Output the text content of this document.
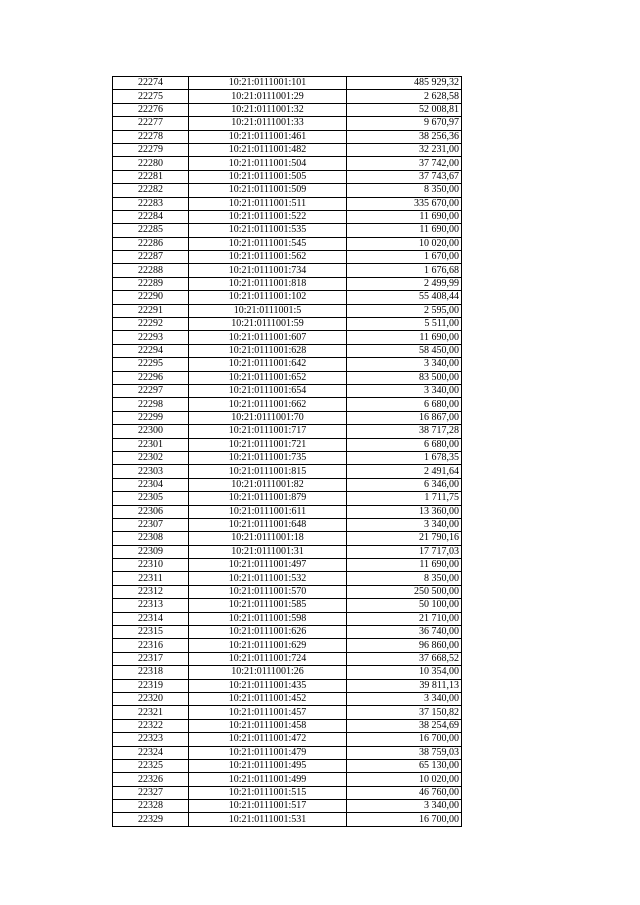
22274	10:21:0111001:101	485 929,32
22275	10:21:0111001:29	2 628,58
22276	10:21:0111001:32	52 008,81
22277	10:21:0111001:33	9 670,97
22278	10:21:0111001:461	38 256,36
22279	10:21:0111001:482	32 231,00
22280	10:21:0111001:504	37 742,00
22281	10:21:0111001:505	37 743,67
22282	10:21:0111001:509	8 350,00
22283	10:21:0111001:511	335 670,00
22284	10:21:0111001:522	11 690,00
22285	10:21:0111001:535	11 690,00
22286	10:21:0111001:545	10 020,00
22287	10:21:0111001:562	1 670,00
22288	10:21:0111001:734	1 676,68
22289	10:21:0111001:818	2 499,99
22290	10:21:0111001:102	55 408,44
22291	10:21:0111001:5	2 595,00
22292	10:21:0111001:59	5 511,00
22293	10:21:0111001:607	11 690,00
22294	10:21:0111001:628	58 450,00
22295	10:21:0111001:642	3 340,00
22296	10:21:0111001:652	83 500,00
22297	10:21:0111001:654	3 340,00
22298	10:21:0111001:662	6 680,00
22299	10:21:0111001:70	16 867,00
22300	10:21:0111001:717	38 717,28
22301	10:21:0111001:721	6 680,00
22302	10:21:0111001:735	1 678,35
22303	10:21:0111001:815	2 491,64
22304	10:21:0111001:82	6 346,00
22305	10:21:0111001:879	1 711,75
22306	10:21:0111001:611	13 360,00
22307	10:21:0111001:648	3 340,00
22308	10:21:0111001:18	21 790,16
22309	10:21:0111001:31	17 717,03
22310	10:21:0111001:497	11 690,00
22311	10:21:0111001:532	8 350,00
22312	10:21:0111001:570	250 500,00
22313	10:21:0111001:585	50 100,00
22314	10:21:0111001:598	21 710,00
22315	10:21:0111001:626	36 740,00
22316	10:21:0111001:629	96 860,00
22317	10:21:0111001:724	37 668,52
22318	10:21:0111001:26	10 354,00
22319	10:21:0111001:435	39 811,13
22320	10:21:0111001:452	3 340,00
22321	10:21:0111001:457	37 150,82
22322	10:21:0111001:458	38 254,69
22323	10:21:0111001:472	16 700,00
22324	10:21:0111001:479	38 759,03
22325	10:21:0111001:495	65 130,00
22326	10:21:0111001:499	10 020,00
22327	10:21:0111001:515	46 760,00
22328	10:21:0111001:517	3 340,00
22329	10:21:0111001:531	16 700,00
